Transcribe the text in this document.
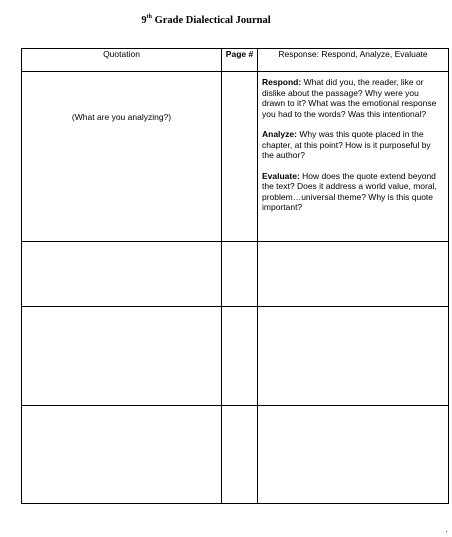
9th Grade Dialectical Journal
Quotation	Page #	Response: Respond, Analyze, Evaluate

(What are you analyzing?)		Respond: What did you, the reader, like or dislike about the passage? Why were you drawn to it? What was the emotional response you had to the words? Was this intentional?

Analyze: Why was this quote placed in the chapter, at this point? How is it purposeful by the author?

Evaluate: How does the quote extend beyond the text? Does it address a world value, moral, problem…universal theme? Why is this quote important?
